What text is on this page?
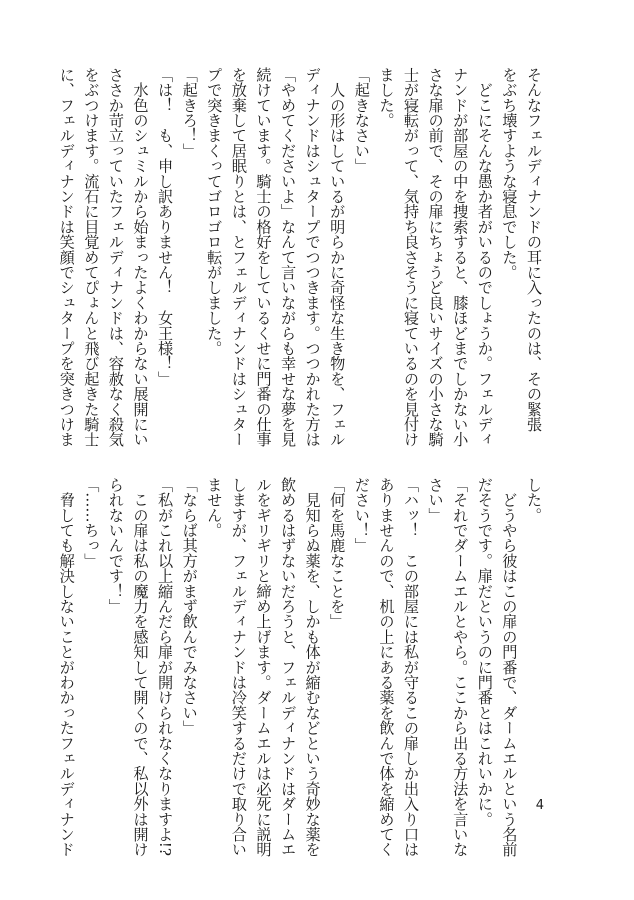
そんなフェルディナンドの耳に入ったのは、その緊張
をぶち壊すような寝息でした。
　どこにそんな愚か者がいるのでしょうか。フェルディ
ナンドが部屋の中を捜索すると、膝ほどまでしかない小
さな扉の前で、その扉にちょうど良いサイズの小さな騎
士が寝転がって、気持ち良さそうに寝ているのを見付け
ました。
「起きなさい」
　人の形はしているが明らかに奇怪な生き物を、フェル
ディナンドはシュタープでつつきます。つつかれた方は
「やめてくださいよ」なんて言いながらも幸せな夢を見
続けています。騎士の格好をしているくせに門番の仕事
を放棄して居眠りとは、とフェルディナンドはシュター
プで突きまくってゴロゴロ転がしました。
「起きろ！」
「は！　も、申し訳ありません！　女王様！」
　水色のシュミルから始まったよくわからない展開にい
ささか苛立っていたフェルディナンドは、容赦なく殺気
をぶつけます。流石に目覚めてぴょんと飛び起きた騎士
に、フェルディナンドは笑顔でシュタープを突きつけま
した。
　どうやら彼はこの扉の門番で、ダームエルという名前
だそうです。扉だというのに門番とはこれいかに。
「それでダームエルとやら。ここから出る方法を言いな
さい」
「ハッ！　この部屋には私が守るこの扉しか出入り口は
ありませんので、机の上にある薬を飲んで体を縮めてく
ださい！」
「何を馬鹿なことを」
　見知らぬ薬を、しかも体が縮むなどという奇妙な薬を
飲めるはずないだろうと、フェルディナンドはダームエ
ルをギリギリと締め上げます。ダームエルは必死に説明
しますが、フェルディナンドは冷笑するだけで取り合い
ません。
「ならば其方がまず飲んでみなさい」
「私がこれ以上縮んだら扉が開けられなくなりますよ!?
　この扉は私の魔力を感知して開くので、私以外は開け
られないんです！」
「……ちっ」
　脅しても解決しないことがわかったフェルディナンド	4
